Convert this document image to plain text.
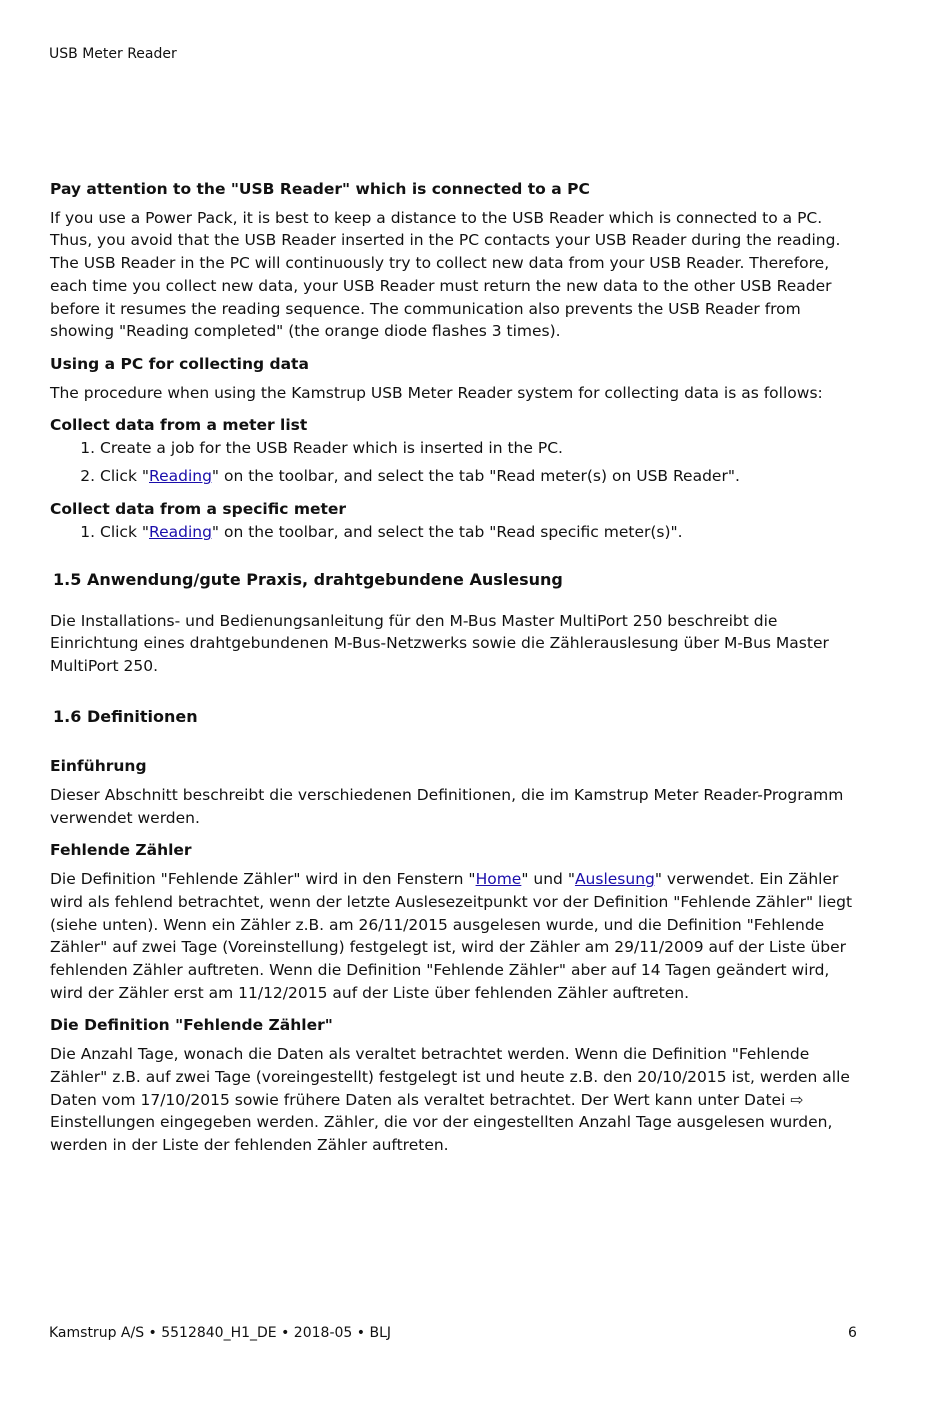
USB Meter Reader

Pay attention to the "USB Reader" which is connected to a PC

If you use a Power Pack, it is best to keep a distance to the USB Reader which is connected to a PC. Thus, you avoid that the USB Reader inserted in the PC contacts your USB Reader during the reading. The USB Reader in the PC will continuously try to collect new data from your USB Reader. Therefore, each time you collect new data, your USB Reader must return the new data to the other USB Reader before it resumes the reading sequence. The communication also prevents the USB Reader from showing "Reading completed" (the orange diode flashes 3 times).

Using a PC for collecting data

The procedure when using the Kamstrup USB Meter Reader system for collecting data is as follows:

Collect data from a meter list

1. Create a job for the USB Reader which is inserted in the PC.
2. Click "Reading" on the toolbar, and select the tab "Read meter(s) on USB Reader".

Collect data from a specific meter

1. Click "Reading" on the toolbar, and select the tab "Read specific meter(s)".

1.5 Anwendung/gute Praxis, drahtgebundene Auslesung

Die Installations- und Bedienungsanleitung für den M-Bus Master MultiPort 250 beschreibt die Einrichtung eines drahtgebundenen M-Bus-Netzwerks sowie die Zählerauslesung über M-Bus Master MultiPort 250.

1.6 Definitionen

Einführung

Dieser Abschnitt beschreibt die verschiedenen Definitionen, die im Kamstrup Meter Reader-Programm verwendet werden.

Fehlende Zähler

Die Definition "Fehlende Zähler" wird in den Fenstern "Home" und "Auslesung" verwendet. Ein Zähler wird als fehlend betrachtet, wenn der letzte Auslesezeitpunkt vor der Definition "Fehlende Zähler" liegt (siehe unten). Wenn ein Zähler z.B. am 26/11/2015 ausgelesen wurde, und die Definition "Fehlende Zähler" auf zwei Tage (Voreinstellung) festgelegt ist, wird der Zähler am 29/11/2009 auf der Liste über fehlenden Zähler auftreten. Wenn die Definition "Fehlende Zähler" aber auf 14 Tagen geändert wird, wird der Zähler erst am 11/12/2015 auf der Liste über fehlenden Zähler auftreten.

Die Definition "Fehlende Zähler"

Die Anzahl Tage, wonach die Daten als veraltet betrachtet werden. Wenn die Definition "Fehlende Zähler" z.B. auf zwei Tage (voreingestellt) festgelegt ist und heute z.B. den 20/10/2015 ist, werden alle Daten vom 17/10/2015 sowie frühere Daten als veraltet betrachtet. Der Wert kann unter Datei ⇨ Einstellungen eingegeben werden. Zähler, die vor der eingestellten Anzahl Tage ausgelesen wurden, werden in der Liste der fehlenden Zähler auftreten.

Kamstrup A/S • 5512840_H1_DE • 2018-05 • BLJ	6
